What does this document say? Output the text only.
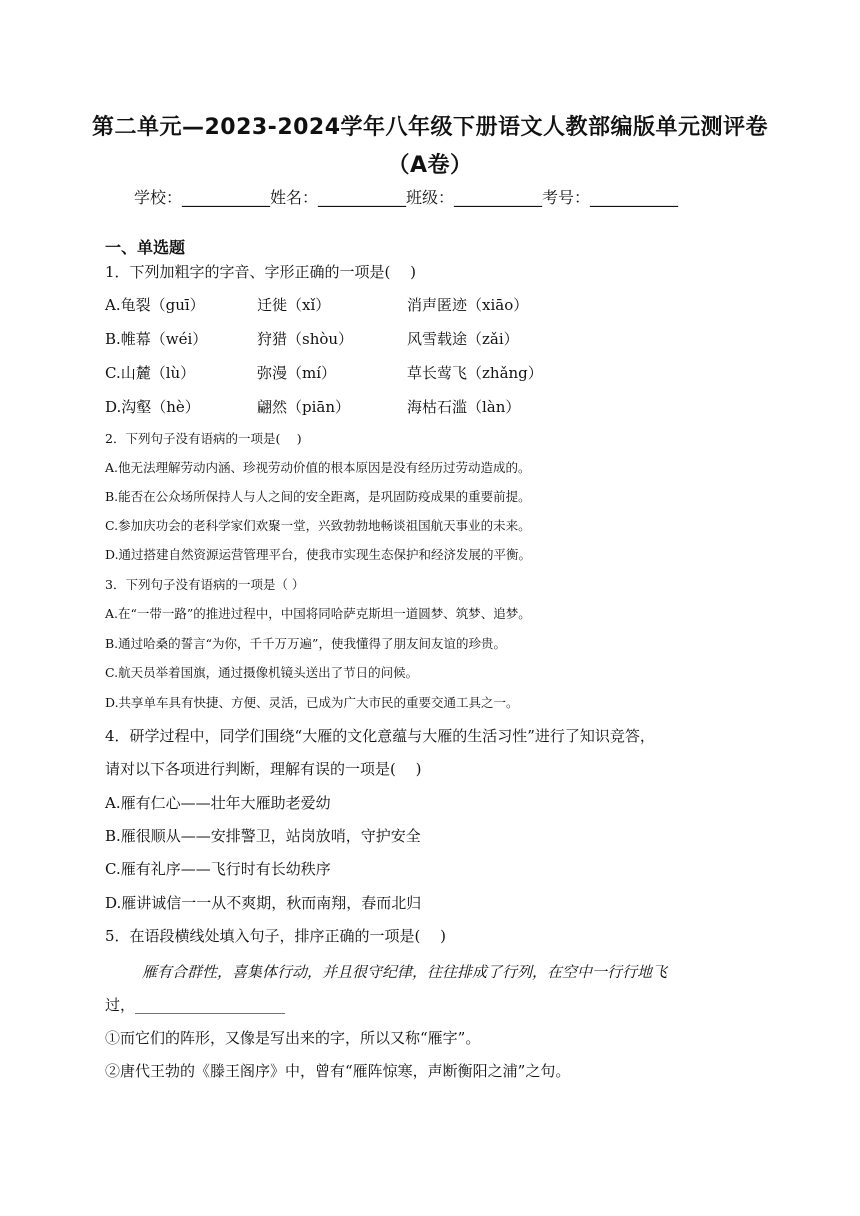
第二单元—2023-2024学年八年级下册语文人教部编版单元测评卷
（A卷）
学校：___________姓名：___________班级：___________考号：___________
一、单选题
1．下列加粗字的字音、字形正确的一项是(　 )
A.龟裂（guī）	迁徙（xǐ）	消声匿迹（xiāo）
B.帷幕（wéi）	狩猎（shòu）	风雪载途（zǎi）
C.山麓（lù）	弥漫（mí）	草长莺飞（zhǎng）
D.沟壑（hè）	翩然（piān）	海枯石滥（làn）
2．下列句子没有语病的一项是(　 )
A.他无法理解劳动内涵、珍视劳动价值的根本原因是没有经历过劳动造成的。
B.能否在公众场所保持人与人之间的安全距离，是巩固防疫成果的重要前提。
C.参加庆功会的老科学家们欢聚一堂，兴致勃勃地畅谈祖国航天事业的未来。
D.通过搭建自然资源运营管理平台，使我市实现生态保护和经济发展的平衡。
3．下列句子没有语病的一项是（ ）
A.在“一带一路”的推进过程中，中国将同哈萨克斯坦一道圆梦、筑梦、追梦。
B.通过哈桑的誓言“为你，千千万万遍”，使我懂得了朋友间友谊的珍贵。
C.航天员举着国旗，通过摄像机镜头送出了节日的问候。
D.共享单车具有快捷、方便、灵活，已成为广大市民的重要交通工具之一。
4．研学过程中，同学们围绕“大雁的文化意蕴与大雁的生活习性”进行了知识竞答，
请对以下各项进行判断，理解有误的一项是(　 )
A.雁有仁心——壮年大雁助老爱幼
B.雁很顺从——安排警卫，站岗放哨，守护安全
C.雁有礼序——飞行时有长幼秩序
D.雁讲诚信一一从不爽期，秋而南翔，春而北归
5．在语段横线处填入句子，排序正确的一项是(　 )
雁有合群性，喜集体行动，并且很守纪律，往往排成了行列，在空中一行行地飞
过，____________________
①而它们的阵形，又像是写出来的字，所以又称“雁字”。
②唐代王勃的《滕王阁序》中，曾有“雁阵惊寒，声断衡阳之浦”之句。
